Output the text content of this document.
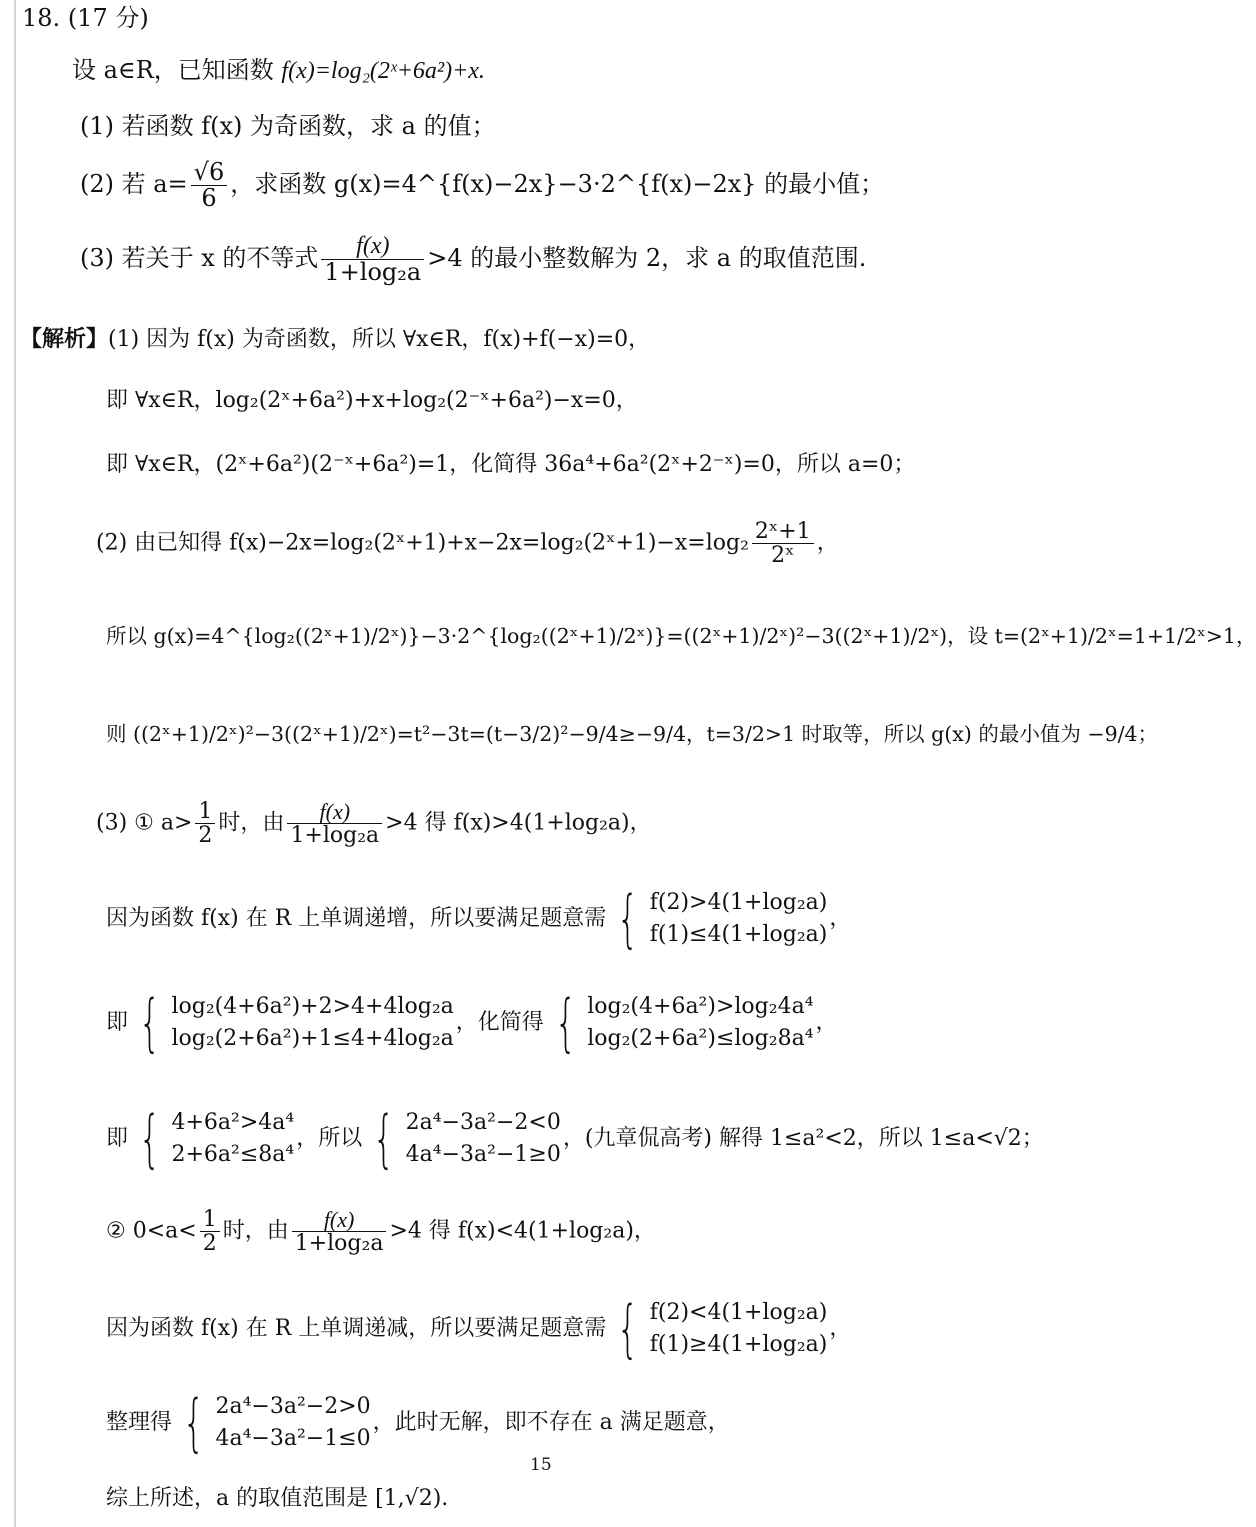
18. (17 分)
设 a∈R，已知函数 f(x)=log₂(2ˣ+6a²)+x.
(1) 若函数 f(x) 为奇函数，求 a 的值；
(2) 若 $a= \frac{√6}{6}$ ，求函数 g(x)=4^{f(x)−2x}−3·2^{f(x)−2x} 的最小值；
(3) 若关于 x 的不等式 $\frac{f(x)}{\text{1+log₂a}} >4$ 的最小整数解为 2，求 a 的取值范围.
【解析】(1) 因为 f(x) 为奇函数，所以 ∀x∈R，f(x)+f(−x)=0，
即 ∀x∈R，log₂(2ˣ+6a²)+x+log₂(2⁻ˣ+6a²)−x=0，
即 ∀x∈R，(2ˣ+6a²)(2⁻ˣ+6a²)=1，化简得 36a⁴+6a²(2ˣ+2⁻ˣ)=0，所以 a=0；
(2) 由已知得 f(x)−2x=log₂(2ˣ+1)+x−2x=log₂(2ˣ+1)−x=log₂ $\frac{\text{2ˣ+1}}{\text{2ˣ}}$ ，
所以 g(x)=4^{log₂((2ˣ+1)/2ˣ)}−3·2^{log₂((2ˣ+1)/2ˣ)}=((2ˣ+1)/2ˣ)²−3((2ˣ+1)/2ˣ)，设 t=(2ˣ+1)/2ˣ=1+1/2ˣ>1，
则 ((2ˣ+1)/2ˣ)²−3((2ˣ+1)/2ˣ)=t²−3t=(t−3/2)²−9/4≥−9/4，t=3/2>1 时取等，所以 g(x) 的最小值为 −9/4；
(3) ① $a> \frac{1}{2}$ 时，由 $\frac{f(x)}{\text{1+log₂a}} >4$ 得 f(x)>4(1+log₂a)，
因为函数 f(x) 在 R 上单调递增，所以要满足题意需 { f(2)>4(1+log₂a)
f(1)≤4(1+log₂a)
，
即 { log₂(4+6a²)+2>4+4log₂a
log₂(2+6a²)+1≤4+4log₂a
，化简得 { log₂(4+6a²)>log₂4a⁴
log₂(2+6a²)≤log₂8a⁴
，
即 { 4+6a²>4a⁴
2+6a²≤8a⁴
，所以 { 2a⁴−3a²−2<0
4a⁴−3a²−1≥0
，(九章侃高考) 解得 1≤a²<2，所以 1≤a<√2；
② $0<a< \frac{1}{2}$ 时，由 $\frac{f(x)}{\text{1+log₂a}} >4$ 得 f(x)<4(1+log₂a)，
因为函数 f(x) 在 R 上单调递减，所以要满足题意需 { f(2)<4(1+log₂a)
f(1)≥4(1+log₂a)
，
整理得 { 2a⁴−3a²−2>0
4a⁴−3a²−1≤0
，此时无解，即不存在 a 满足题意，
15
综上所述，a 的取值范围是 [1,√2).
